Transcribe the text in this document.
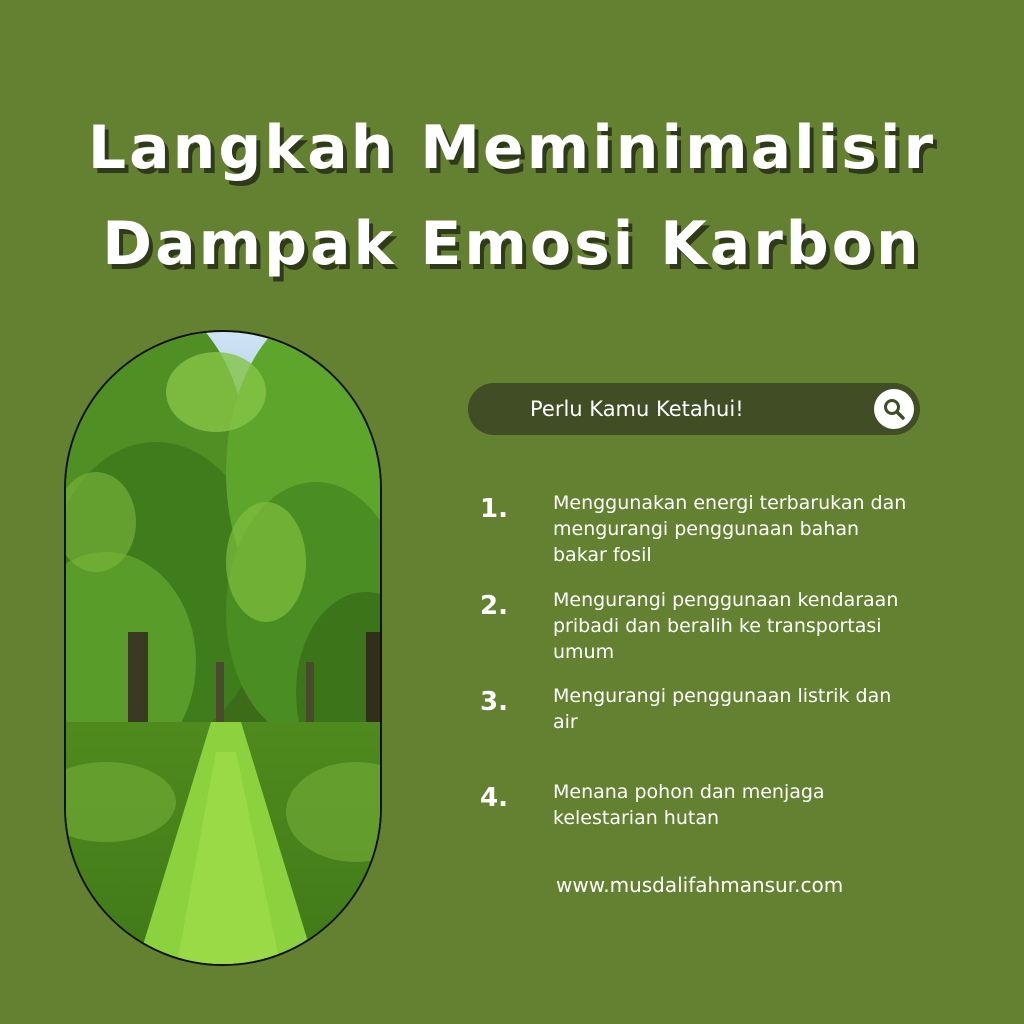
Langkah Meminimalisir
Dampak Emosi Karbon
Perlu Kamu Ketahui!
1. Menggunakan energi terbarukan dan mengurangi penggunaan bahan bakar fosil
2. Mengurangi penggunaan kendaraan pribadi dan beralih ke transportasi umum
3. Mengurangi penggunaan listrik dan air
4. Menana pohon dan menjaga kelestarian hutan
www.musdalifahmansur.com
